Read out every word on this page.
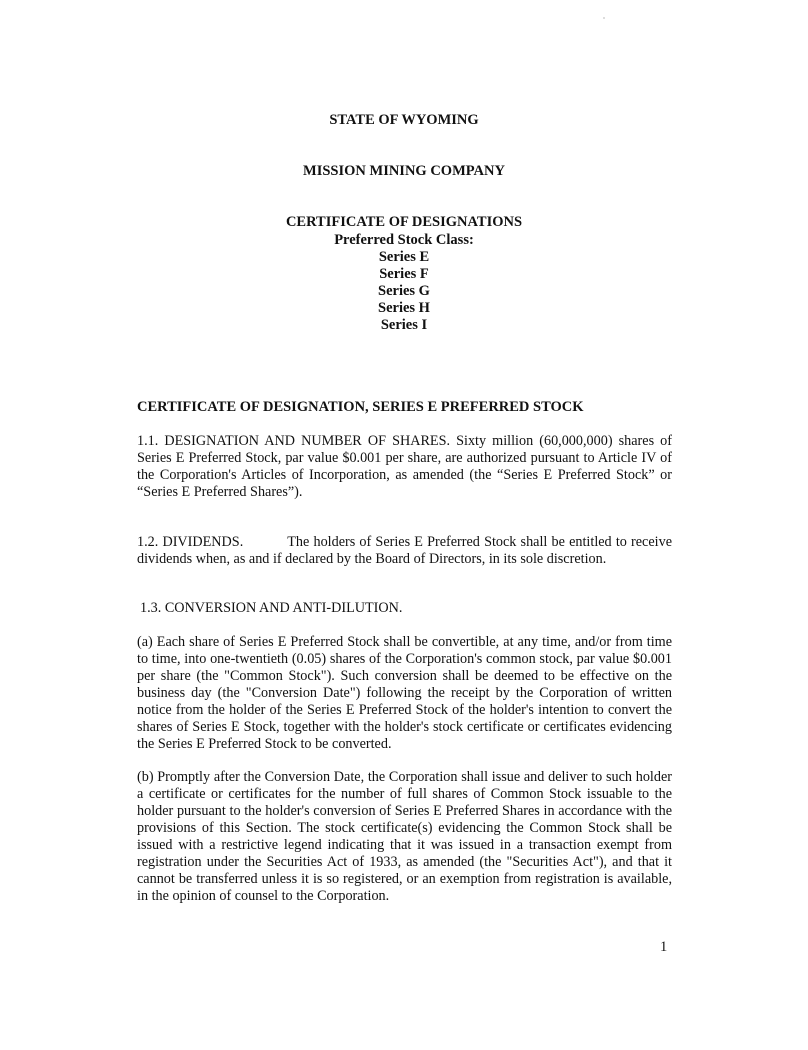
STATE OF WYOMING
MISSION MINING COMPANY
CERTIFICATE OF DESIGNATIONS
Preferred Stock Class:
Series E
Series F
Series G
Series H
Series I
CERTIFICATE OF DESIGNATION, SERIES E PREFERRED STOCK
1.1. DESIGNATION AND NUMBER OF SHARES. Sixty million (60,000,000) shares of Series E Preferred Stock, par value $0.001 per share, are authorized pursuant to Article IV of the Corporation's Articles of Incorporation, as amended (the “Series E Preferred Stock” or “Series E Preferred Shares”).
1.2. DIVIDENDS.	The holders of Series E Preferred Stock shall be entitled to receive dividends when, as and if declared by the Board of Directors, in its sole discretion.
1.3. CONVERSION AND ANTI-DILUTION.
(a) Each share of Series E Preferred Stock shall be convertible, at any time, and/or from time to time, into one-twentieth (0.05) shares of the Corporation's common stock, par value $0.001 per share (the "Common Stock"). Such conversion shall be deemed to be effective on the business day (the "Conversion Date") following the receipt by the Corporation of written notice from the holder of the Series E Preferred Stock of the holder's intention to convert the shares of Series E Stock, together with the holder's stock certificate or certificates evidencing the Series E Preferred Stock to be converted.
(b) Promptly after the Conversion Date, the Corporation shall issue and deliver to such holder a certificate or certificates for the number of full shares of Common Stock issuable to the holder pursuant to the holder's conversion of Series E Preferred Shares in accordance with the provisions of this Section. The stock certificate(s) evidencing the Common Stock shall be issued with a restrictive legend indicating that it was issued in a transaction exempt from registration under the Securities Act of 1933, as amended (the "Securities Act"), and that it cannot be transferred unless it is so registered, or an exemption from registration is available, in the opinion of counsel to the Corporation.
1
